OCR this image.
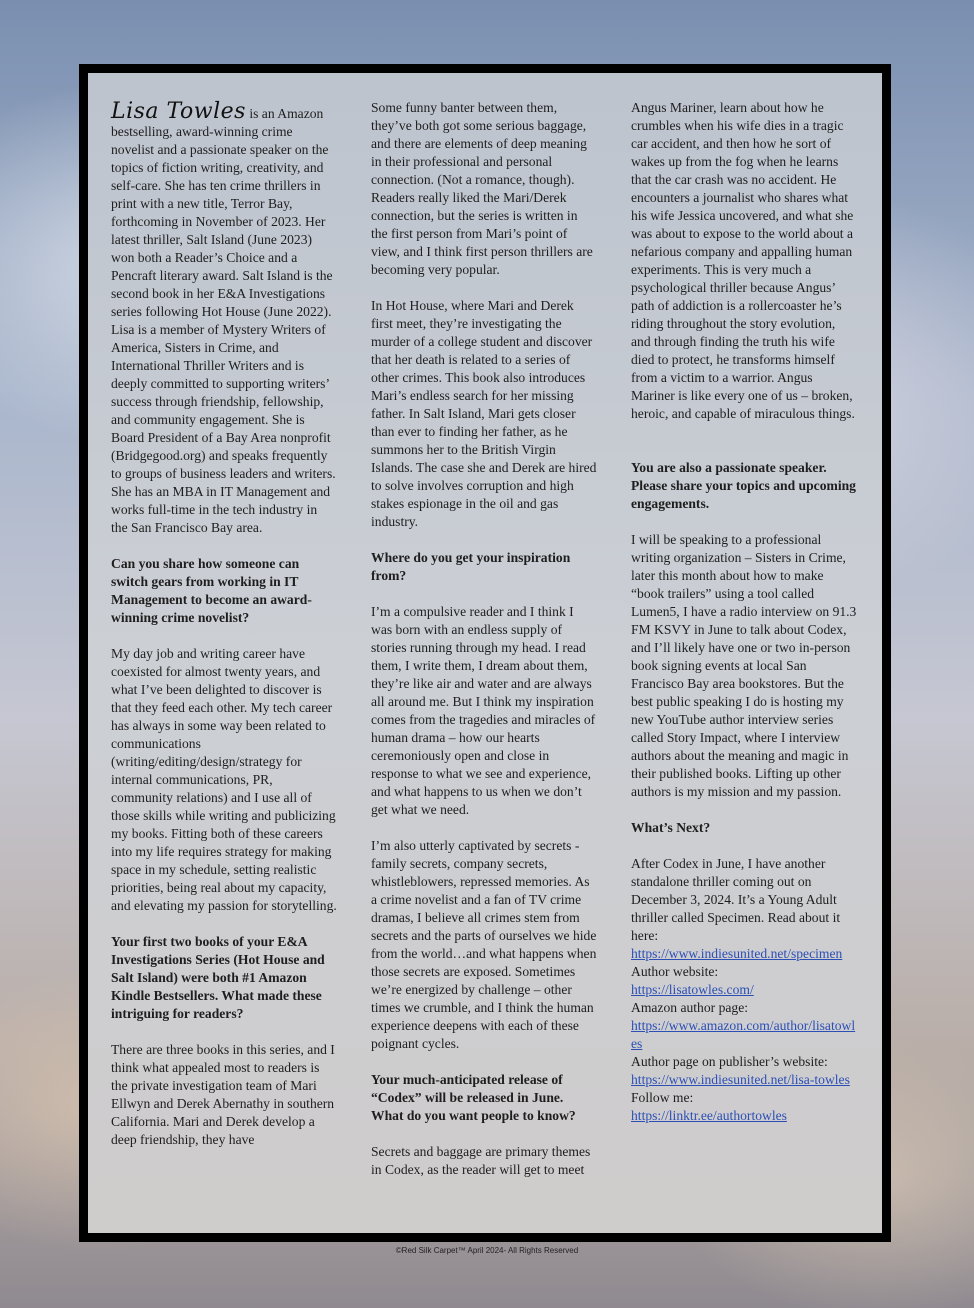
Lisa Towles is an Amazon bestselling, award-winning crime novelist and a passionate speaker on the topics of fiction writing, creativity, and self-care. She has ten crime thrillers in print with a new title, Terror Bay, forthcoming in November of 2023. Her latest thriller, Salt Island (June 2023) won both a Reader’s Choice and a Pencraft literary award. Salt Island is the second book in her E&A Investigations series following Hot House (June 2022). Lisa is a member of Mystery Writers of America, Sisters in Crime, and International Thriller Writers and is deeply committed to supporting writers’ success through friendship, fellowship, and community engagement. She is Board President of a Bay Area nonprofit (Bridgegood.org) and speaks frequently to groups of business leaders and writers. She has an MBA in IT Management and works full-time in the tech industry in the San Francisco Bay area.

Can you share how someone can switch gears from working in IT Management to become an award-winning crime novelist?

My day job and writing career have coexisted for almost twenty years, and what I’ve been delighted to discover is that they feed each other. My tech career has always in some way been related to communications (writing/editing/design/strategy for internal communications, PR, community relations) and I use all of those skills while writing and publicizing my books. Fitting both of these careers into my life requires strategy for making space in my schedule, setting realistic priorities, being real about my capacity, and elevating my passion for storytelling.

Your first two books of your E&A Investigations Series (Hot House and Salt Island) were both #1 Amazon Kindle Bestsellers. What made these intriguing for readers?

There are three books in this series, and I think what appealed most to readers is the private investigation team of Mari Ellwyn and Derek Abernathy in southern California. Mari and Derek develop a deep friendship, they have

Some funny banter between them, they’ve both got some serious baggage, and there are elements of deep meaning in their professional and personal connection. (Not a romance, though). Readers really liked the Mari/Derek connection, but the series is written in the first person from Mari’s point of view, and I think first person thrillers are becoming very popular.

In Hot House, where Mari and Derek first meet, they’re investigating the murder of a college student and discover that her death is related to a series of other crimes. This book also introduces Mari’s endless search for her missing father. In Salt Island, Mari gets closer than ever to finding her father, as he summons her to the British Virgin Islands. The case she and Derek are hired to solve involves corruption and high stakes espionage in the oil and gas industry.

Where do you get your inspiration from?

I’m a compulsive reader and I think I was born with an endless supply of stories running through my head. I read them, I write them, I dream about them, they’re like air and water and are always all around me. But I think my inspiration comes from the tragedies and miracles of human drama – how our hearts ceremoniously open and close in response to what we see and experience, and what happens to us when we don’t get what we need.

I’m also utterly captivated by secrets - family secrets, company secrets, whistleblowers, repressed memories. As a crime novelist and a fan of TV crime dramas, I believe all crimes stem from secrets and the parts of ourselves we hide from the world…and what happens when those secrets are exposed. Sometimes we’re energized by challenge – other times we crumble, and I think the human experience deepens with each of these poignant cycles.

Your much-anticipated release of “Codex” will be released in June. What do you want people to know?

Secrets and baggage are primary themes in Codex, as the reader will get to meet

Angus Mariner, learn about how he crumbles when his wife dies in a tragic car accident, and then how he sort of wakes up from the fog when he learns that the car crash was no accident. He encounters a journalist who shares what his wife Jessica uncovered, and what she was about to expose to the world about a nefarious company and appalling human experiments. This is very much a psychological thriller because Angus’ path of addiction is a rollercoaster he’s riding throughout the story evolution, and through finding the truth his wife died to protect, he transforms himself from a victim to a warrior. Angus Mariner is like every one of us – broken, heroic, and capable of miraculous things.

You are also a passionate speaker. Please share your topics and upcoming engagements.

I will be speaking to a professional writing organization – Sisters in Crime, later this month about how to make “book trailers” using a tool called Lumen5, I have a radio interview on 91.3 FM KSVY in June to talk about Codex, and I’ll likely have one or two in-person book signing events at local San Francisco Bay area bookstores. But the best public speaking I do is hosting my new YouTube author interview series called Story Impact, where I interview authors about the meaning and magic in their published books. Lifting up other authors is my mission and my passion.

What’s Next?

After Codex in June, I have another standalone thriller coming out on December 3, 2024. It’s a Young Adult thriller called Specimen. Read about it here:

https://www.indiesunited.net/specimen
Author website:
https://lisatowles.com/
Amazon author page:
https://www.amazon.com/author/lisatowles
Author page on publisher’s website:
https://www.indiesunited.net/lisa-towles
Follow me:
https://linktr.ee/authortowles
©Red Silk Carpet™ April 2024- All Rights Reserved
